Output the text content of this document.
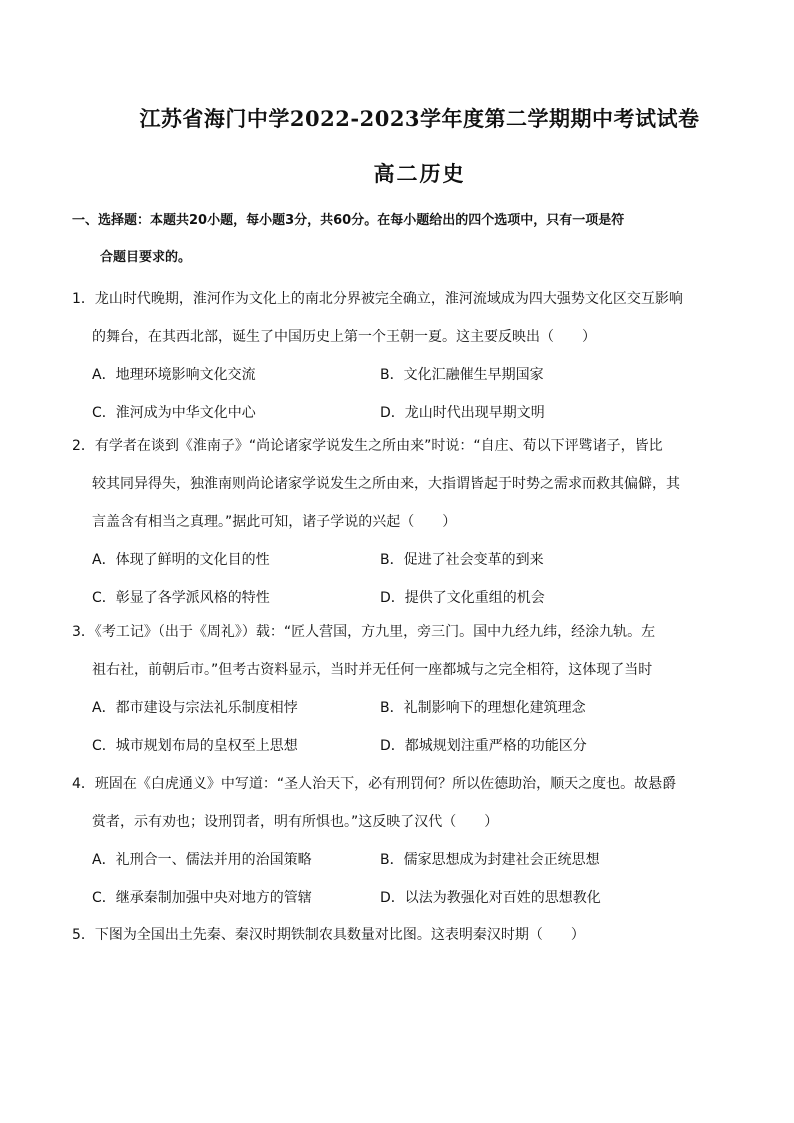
江苏省海门中学2022-2023学年度第二学期期中考试试卷
高二历史
一、选择题：本题共20小题，每小题3分，共60分。在每小题给出的四个选项中，只有一项是符
合题目要求的。
1．龙山时代晚期，淮河作为文化上的南北分界被完全确立，淮河流域成为四大强势文化区交互影响
的舞台，在其西北部，诞生了中国历史上第一个王朝一夏。这主要反映出（　　）
A．地理环境影响文化交流	B．文化汇融催生早期国家
C．淮河成为中华文化中心	D．龙山时代出现早期文明
2．有学者在谈到《淮南子》“尚论诸家学说发生之所由来”时说：“自庄、荀以下评骘诸子，皆比
较其同异得失，独淮南则尚论诸家学说发生之所由来，大指谓皆起于时势之需求而救其偏僻，其
言盖含有相当之真理。”据此可知，诸子学说的兴起（　　）
A．体现了鲜明的文化目的性	B．促进了社会变革的到来
C．彰显了各学派风格的特性	D．提供了文化重组的机会
3．《考工记》（出于《周礼》）载：“匠人营国，方九里，旁三门。国中九经九纬，经涂九轨。左
祖右社，前朝后市。”但考古资料显示，当时并无任何一座都城与之完全相符，这体现了当时
A．都市建设与宗法礼乐制度相悖	B．礼制影响下的理想化建筑理念
C．城市规划布局的皇权至上思想	D．都城规划注重严格的功能区分
4．班固在《白虎通义》中写道：“圣人治天下，必有刑罚何？所以佐德助治，顺天之度也。故悬爵
赏者，示有劝也；设刑罚者，明有所惧也。”这反映了汉代（　　）
A．礼刑合一、儒法并用的治国策略	B．儒家思想成为封建社会正统思想
C．继承秦制加强中央对地方的管辖	D．以法为教强化对百姓的思想教化
5．下图为全国出土先秦、秦汉时期铁制农具数量对比图。这表明秦汉时期（　　）
